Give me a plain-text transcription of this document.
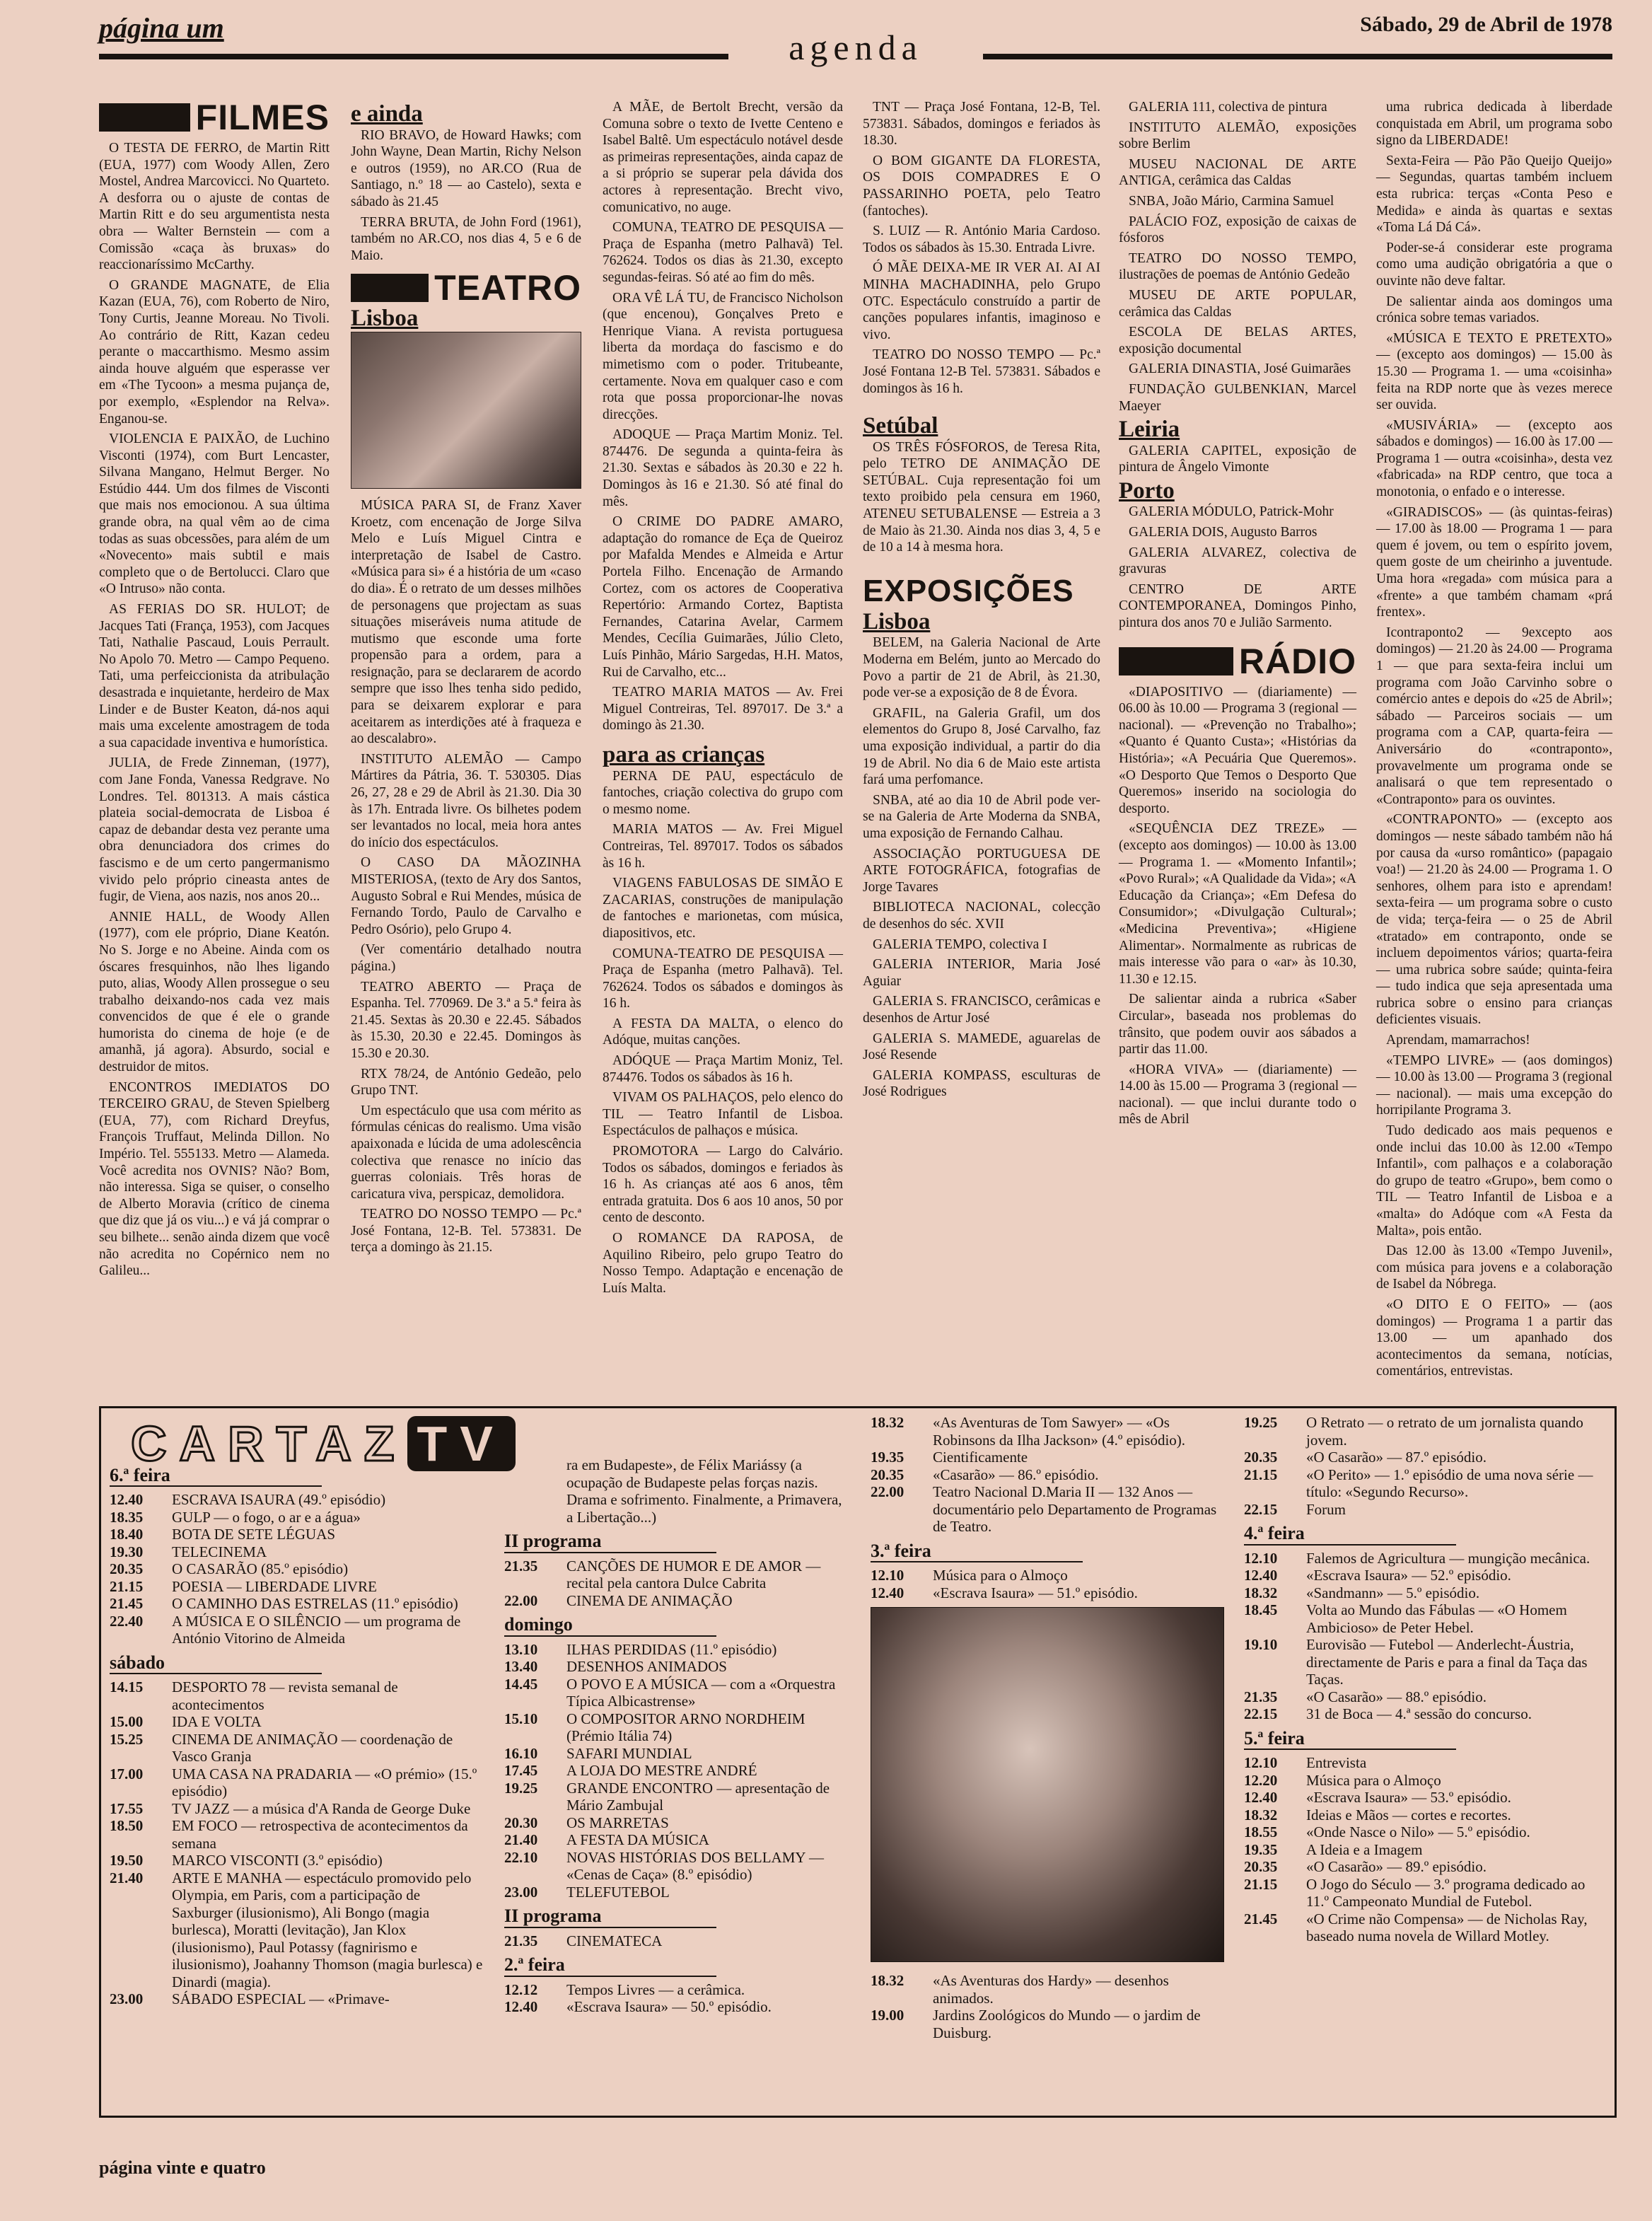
página um	agenda
Sábado, 29 de Abril de 1978
FILMES

O TESTA DE FERRO, de Martin Ritt (EUA, 1977) com Woody Allen, Zero Mostel, Andrea Marcovicci. No Quarteto. A desforra ou o ajuste de contas de Martin Ritt e do seu argumentista nesta obra — Walter Bernstein — com a Comissão «caça às bruxas» do reaccionaríssimo McCarthy.

O GRANDE MAGNATE, de Elia Kazan (EUA, 76), com Roberto de Niro, Tony Curtis, Jeanne Moreau. No Tivoli. Ao contrário de Ritt, Kazan cedeu perante o maccarthismo. Mesmo assim ainda houve alguém que esperasse ver em «The Tycoon» a mesma pujança de, por exemplo, «Esplendor na Relva». Enganou-se.

VIOLENCIA E PAIXÃO, de Luchino Visconti (1974), com Burt Lencaster, Silvana Mangano, Helmut Berger. No Estúdio 444. Um dos filmes de Visconti que mais nos emocionou. A sua última grande obra, na qual vêm ao de cima todas as suas obcessões, para além de um «Novecento» mais subtil e mais completo que o de Bertolucci. Claro que «O Intruso» não conta.

AS FERIAS DO SR. HULOT; de Jacques Tati (França, 1953), com Jacques Tati, Nathalie Pascaud, Louis Perrault. No Apolo 70. Metro — Campo Pequeno. Tati, uma perfeiccionista da atribulação desastrada e inquietante, herdeiro de Max Linder e de Buster Keaton, dá-nos aqui mais uma excelente amostragem de toda a sua capacidade inventiva e humorística.

JULIA, de Frede Zinneman, (1977), com Jane Fonda, Vanessa Redgrave. No Londres. Tel. 801313. A mais cástica plateia social-democrata de Lisboa é capaz de debandar desta vez perante uma obra denunciadora dos crimes do fascismo e de um certo pangermanismo vivido pelo próprio cineasta antes de fugir, de Viena, aos nazis, nos anos 20...

ANNIE HALL, de Woody Allen (1977), com ele próprio, Diane Keatón. No S. Jorge e no Abeine. Ainda com os óscares fresquinhos, não lhes ligando puto, alias, Woody Allen prossegue o seu trabalho deixando-nos cada vez mais convencidos de que é ele o grande humorista do cinema de hoje (e de amanhã, já agora). Absurdo, social e destruidor de mitos.

ENCONTROS IMEDIATOS DO TERCEIRO GRAU, de Steven Spielberg (EUA, 77), com Richard Dreyfus, François Truffaut, Melinda Dillon. No Império. Tel. 555133. Metro — Alameda. Você acredita nos OVNIS? Não? Bom, não interessa. Siga se quiser, o conselho de Alberto Moravia (crítico de cinema que diz que já os viu...) e vá já comprar o seu bilhete... senão ainda dizem que você não acredita no Copérnico nem no Galileu...

e ainda

RIO BRAVO, de Howard Hawks; com John Wayne, Dean Martin, Richy Nelson e outros (1959), no AR.CO (Rua de Santiago, n.º 18 — ao Castelo), sexta e sábado às 21.45

TERRA BRUTA, de John Ford (1961), também no AR.CO, nos dias 4, 5 e 6 de Maio.

TEATRO
Lisboa

MÚSICA PARA SI, de Franz Xaver Kroetz, com encenação de Jorge Silva Melo e Luís Miguel Cintra e interpretação de Isabel de Castro. «Música para si» é a história de um «caso do dia». É o retrato de um desses milhões de personagens que projectam as suas situações miseráveis numa atitude de mutismo que esconde uma forte propensão para a ordem, para a resignação, para se declararem de acordo sempre que isso lhes tenha sido pedido, para se deixarem explorar e para aceitarem as interdições até à fraqueza e ao descalabro».

INSTITUTO ALEMÃO — Campo Mártires da Pátria, 36. T. 530305. Dias 26, 27, 28 e 29 de Abril às 21.30. Dia 30 às 17h. Entrada livre. Os bilhetes podem ser levantados no local, meia hora antes do início dos espectáculos.

O CASO DA MÃOZINHA MISTERIOSA, (texto de Ary dos Santos, Augusto Sobral e Rui Mendes, música de Fernando Tordo, Paulo de Carvalho e Pedro Osório), pelo Grupo 4.

(Ver comentário detalhado noutra página.)

TEATRO ABERTO — Praça de Espanha. Tel. 770969. De 3.ª a 5.ª feira às 21.45. Sextas às 20.30 e 22.45. Sábados às 15.30, 20.30 e 22.45. Domingos às 15.30 e 20.30.

RTX 78/24, de António Gedeão, pelo Grupo TNT.

Um espectáculo que usa com mérito as fórmulas cénicas do realismo. Uma visão apaixonada e lúcida de uma adolescência colectiva que renasce no início das guerras coloniais. Três horas de caricatura viva, perspicaz, demolidora.

TEATRO DO NOSSO TEMPO — Pc.ª José Fontana, 12-B. Tel. 573831. De terça a domingo às 21.15.

A MÃE, de Bertolt Brecht, versão da Comuna sobre o texto de Ivette Centeno e Isabel Baltê. Um espectáculo notável desde as primeiras representações, ainda capaz de a si próprio se superar pela dávida dos actores à representação. Brecht vivo, comunicativo, no auge.

COMUNA, TEATRO DE PESQUISA — Praça de Espanha (metro Palhavã) Tel. 762624. Todos os dias às 21.30, excepto segundas-feiras. Só até ao fim do mês.

ORA VÊ LÁ TU, de Francisco Nicholson (que encenou), Gonçalves Preto e Henrique Viana. A revista portuguesa liberta da mordaça do fascismo e do mimetismo com o poder. Tritubeante, certamente. Nova em qualquer caso e com rota que possa proporcionar-lhe novas direcções.

ADOQUE — Praça Martim Moniz. Tel. 874476. De segunda a quinta-feira às 21.30. Sextas e sábados às 20.30 e 22 h. Domingos às 16 e 21.30. Só até final do mês.

O CRIME DO PADRE AMARO, adaptação do romance de Eça de Queiroz por Mafalda Mendes e Almeida e Artur Portela Filho. Encenação de Armando Cortez, com os actores de Cooperativa Repertório: Armando Cortez, Baptista Fernandes, Catarina Avelar, Carmem Mendes, Cecília Guimarães, Júlio Cleto, Luís Pinhão, Mário Sargedas, H.H. Matos, Rui de Carvalho, etc...

TEATRO MARIA MATOS — Av. Frei Miguel Contreiras, Tel. 897017. De 3.ª a domingo às 21.30.

para as crianças

PERNA DE PAU, espectáculo de fantoches, criação colectiva do grupo com o mesmo nome.

MARIA MATOS — Av. Frei Miguel Contreiras, Tel. 897017. Todos os sábados às 16 h.

VIAGENS FABULOSAS DE SIMÃO E ZACARIAS, construções de manipulação de fantoches e marionetas, com música, diapositivos, etc.

COMUNA-TEATRO DE PESQUISA — Praça de Espanha (metro Palhavã). Tel. 762624. Todos os sábados e domingos às 16 h.

A FESTA DA MALTA, o elenco do Adóque, muitas canções.

ADÓQUE — Praça Martim Moniz, Tel. 874476. Todos os sábados às 16 h.

VIVAM OS PALHAÇOS, pelo elenco do TIL — Teatro Infantil de Lisboa. Espectáculos de palhaços e música.

PROMOTORA — Largo do Calvário. Todos os sábados, domingos e feriados às 16 h. As crianças até aos 6 anos, têm entrada gratuita. Dos 6 aos 10 anos, 50 por cento de desconto.

O ROMANCE DA RAPOSA, de Aquilino Ribeiro, pelo grupo Teatro do Nosso Tempo. Adaptação e encenação de Luís Malta.

TNT — Praça José Fontana, 12-B, Tel. 573831. Sábados, domingos e feriados às 18.30.

O BOM GIGANTE DA FLORESTA, OS DOIS COMPADRES E O PASSARINHO POETA, pelo Teatro (fantoches).

S. LUIZ — R. António Maria Cardoso. Todos os sábados às 15.30. Entrada Livre.

Ó MÃE DEIXA-ME IR VER AI. AI AI MINHA MACHADINHA, pelo Grupo OTC. Espectáculo construído a partir de canções populares infantis, imaginoso e vivo.

TEATRO DO NOSSO TEMPO — Pc.ª José Fontana 12-B Tel. 573831. Sábados e domingos às 16 h.

Setúbal

OS TRÊS FÓSFOROS, de Teresa Rita, pelo TETRO DE ANIMAÇÃO DE SETÚBAL. Cuja representação foi um texto proibido pela censura em 1960, ATENEU SETUBALENSE — Estreia a 3 de Maio às 21.30. Ainda nos dias 3, 4, 5 e de 10 a 14 à mesma hora.

EXPOSIÇÕES
Lisboa

BELEM, na Galeria Nacional de Arte Moderna em Belém, junto ao Mercado do Povo a partir de 21 de Abril, às 21.30, pode ver-se a exposição de 8 de Évora.

GRAFIL, na Galeria Grafil, um dos elementos do Grupo 8, José Carvalho, faz uma exposição individual, a partir do dia 19 de Abril. No dia 6 de Maio este artista fará uma perfomance.

SNBA, até ao dia 10 de Abril pode ver-se na Galeria de Arte Moderna da SNBA, uma exposição de Fernando Calhau.

ASSOCIAÇÃO PORTUGUESA DE ARTE FOTOGRÁFICA, fotografias de Jorge Tavares

BIBLIOTECA NACIONAL, colecção de desenhos do séc. XVII

GALERIA TEMPO, colectiva I

GALERIA INTERIOR, Maria José Aguiar

GALERIA S. FRANCISCO, cerâmicas e desenhos de Artur José

GALERIA S. MAMEDE, aguarelas de José Resende

GALERIA KOMPASS, esculturas de José Rodrigues

GALERIA 111, colectiva de pintura

INSTITUTO ALEMÃO, exposições sobre Berlim

MUSEU NACIONAL DE ARTE ANTIGA, cerâmica das Caldas

SNBA, João Mário, Carmina Samuel

PALÁCIO FOZ, exposição de caixas de fósforos

TEATRO DO NOSSO TEMPO, ilustrações de poemas de António Gedeão

MUSEU DE ARTE POPULAR, cerâmica das Caldas

ESCOLA DE BELAS ARTES, exposição documental

GALERIA DINASTIA, José Guimarães

FUNDAÇÃO GULBENKIAN, Marcel Maeyer

Leiria

GALERIA CAPITEL, exposição de pintura de Ângelo Vimonte

Porto

GALERIA MÓDULO, Patrick-Mohr

GALERIA DOIS, Augusto Barros

GALERIA ALVAREZ, colectiva de gravuras

CENTRO DE ARTE CONTEMPORANEA, Domingos Pinho, pintura dos anos 70 e Julião Sarmento.

RÁDIO

«DIAPOSITIVO — (diariamente) — 06.00 às 10.00 — Programa 3 (regional — nacional). — «Prevenção no Trabalho»; «Quanto é Quanto Custa»; «Histórias da História»; «A Pecuária Que Queremos». «O Desporto Que Temos o Desporto Que Queremos» inserido na sociologia do desporto.

«SEQUÊNCIA DEZ TREZE» — (excepto aos domingos) — 10.00 às 13.00 — Programa 1. — «Momento Infantil»; «Povo Rural»; «A Qualidade da Vida»; «A Educação da Criança»; «Em Defesa do Consumidor»; «Divulgação Cultural»; «Medicina Preventiva»; «Higiene Alimentar». Normalmente as rubricas de mais interesse vão para o «ar» às 10.30, 11.30 e 12.15.

De salientar ainda a rubrica «Saber Circular», baseada nos problemas do trânsito, que podem ouvir aos sábados a partir das 11.00.

«HORA VIVA» — (diariamente) — 14.00 às 15.00 — Programa 3 (regional — nacional). — que inclui durante todo o mês de Abril

uma rubrica dedicada à liberdade conquistada em Abril, um programa sobo signo da LIBERDADE!

Sexta-Feira — Pão Pão Queijo Queijo» — Segundas, quartas também incluem esta rubrica: terças «Conta Peso e Medida» e ainda às quartas e sextas «Toma Lá Dá Cá».

Poder-se-á considerar este programa como uma audição obrigatória a que o ouvinte não deve faltar.

De salientar ainda aos domingos uma crónica sobre temas variados.

«MÚSICA E TEXTO E PRETEXTO» — (excepto aos domingos) — 15.00 às 15.30 — Programa 1. — uma «coisinha» feita na RDP norte que às vezes merece ser ouvida.

«MUSIVÁRIA» — (excepto aos sábados e domingos) — 16.00 às 17.00 — Programa 1 — outra «coisinha», desta vez «fabricada» na RDP centro, que toca a monotonia, o enfado e o interesse.

«GIRADISCOS» — (às quintas-feiras) — 17.00 às 18.00 — Programa 1 — para quem é jovem, ou tem o espírito jovem, quem goste de um cheirinho a juventude. Uma hora «regada» com música para a «frente» a que também chamam «prá frentex».

Icontraponto2 — 9excepto aos domingos) — 21.20 às 24.00 — Programa 1 — que para sexta-feira inclui um programa com João Carvinho sobre o comércio antes e depois do «25 de Abril»; sábado — Parceiros sociais — um programa com a CAP, quarta-feira — Aniversário do «contraponto», provavelmente um programa onde se analisará o que tem representado o «Contraponto» para os ouvintes.

«CONTRAPONTO» — (excepto aos domingos — neste sábado também não há por causa da «urso romântico» (papagaio voa!) — 21.20 às 24.00 — Programa 1. O senhores, olhem para isto e aprendam! sexta-feira — um programa sobre o custo de vida; terça-feira — o 25 de Abril «tratado» em contraponto, onde se incluem depoimentos vários; quarta-feira — uma rubrica sobre saúde; quinta-feira — tudo indica que seja apresentada uma rubrica sobre o ensino para crianças deficientes visuais.

Aprendam, mamarrachos!

«TEMPO LIVRE» — (aos domingos) — 10.00 às 13.00 — Programa 3 (regional — nacional). — mais uma excepção do horripilante Programa 3.

Tudo dedicado aos mais pequenos e onde inclui das 10.00 às 12.00 «Tempo Infantil», com palhaços e a colaboração do grupo de teatro «Grupo», bem como o TIL — Teatro Infantil de Lisboa e a «malta» do Adóque com «A Festa da Malta», pois então.

Das 12.00 às 13.00 «Tempo Juvenil», com música para jovens e a colaboração de Isabel da Nóbrega.

«O DITO E O FEITO» — (aos domingos) — Programa 1 a partir das 13.00 — um apanhado dos acontecimentos da semana, notícias, comentários, entrevistas.

CARTAZ TV
6.ª feira
12.40	ESCRAVA ISAURA (49.º episódio)
18.35	GULP — o fogo, o ar e a água»
18.40	BOTA DE SETE LÉGUAS
19.30	TELECINEMA
20.35	O CASARÃO (85.º episódio)
21.15	POESIA — LIBERDADE LIVRE
21.45	O CAMINHO DAS ESTRELAS (11.º episódio)
22.40	A MÚSICA E O SILÊNCIO — um programa de António Vitorino de Almeida
sábado
14.15	DESPORTO 78 — revista semanal de acontecimentos
15.00	IDA E VOLTA
15.25	CINEMA DE ANIMAÇÃO — coordenação de Vasco Granja
17.00	UMA CASA NA PRADARIA — «O prémio» (15.º episódio)
17.55	TV JAZZ — a música d'A Randa de George Duke
18.50	EM FOCO — retrospectiva de acontecimentos da semana
19.50	MARCO VISCONTI (3.º episódio)
21.40	ARTE E MANHA — espectáculo promovido pelo Olympia, em Paris, com a participação de Saxburger (ilusionismo), Ali Bongo (magia burlesca), Moratti (levitação), Jan Klox (ilusionismo), Paul Potassy (fagnirismo e ilusionismo), Joahanny Thomson (magia burlesca) e Dinardi (magia).
23.00	SÁBADO ESPECIAL — «Primave-
ra em Budapeste», de Félix Mariássy (a ocupação de Budapeste pelas forças nazis. Drama e sofrimento. Finalmente, a Primavera, a Libertação...)
II programa
21.35	CANÇÕES DE HUMOR E DE AMOR — recital pela cantora Dulce Cabrita
22.00	CINEMA DE ANIMAÇÃO
domingo
13.10	ILHAS PERDIDAS (11.º episódio)
13.40	DESENHOS ANIMADOS
14.45	O POVO E A MÚSICA — com a «Orquestra Típica Albicastrense»
15.10	O COMPOSITOR ARNO NORDHEIM (Prémio Itália 74)
16.10	SAFARI MUNDIAL
17.45	A LOJA DO MESTRE ANDRÉ
19.25	GRANDE ENCONTRO — apresentação de Mário Zambujal
20.30	OS MARRETAS
21.40	A FESTA DA MÚSICA
22.10	NOVAS HISTÓRIAS DOS BELLAMY — «Cenas de Caça» (8.º episódio)
23.00	TELEFUTEBOL
II programa
21.35	CINEMATECA
2.ª feira
12.12	Tempos Livres — a cerâmica.
12.40	«Escrava Isaura» — 50.º episódio.
18.32	«As Aventuras de Tom Sawyer» — «Os Robinsons da Ilha Jackson» (4.º episódio).
19.35	Cientificamente
20.35	«Casarão» — 86.º episódio.
22.00	Teatro Nacional D.Maria II — 132 Anos — documentário pelo Departamento de Programas de Teatro.
3.ª feira
12.10	Música para o Almoço
12.40	«Escrava Isaura» — 51.º episódio.
18.32	«As Aventuras dos Hardy» — desenhos animados.
19.00	Jardins Zoológicos do Mundo — o jardim de Duisburg.
19.25	O Retrato — o retrato de um jornalista quando jovem.
20.35	«O Casarão» — 87.º episódio.
21.15	«O Perito» — 1.º episódio de uma nova série — título: «Segundo Recurso».
22.15	Forum
4.ª feira
12.10	Falemos de Agricultura — mungição mecânica.
12.40	«Escrava Isaura» — 52.º episódio.
18.32	«Sandmann» — 5.º episódio.
18.45	Volta ao Mundo das Fábulas — «O Homem Ambicioso» de Peter Hebel.
19.10	Eurovisão — Futebol — Anderlecht-Áustria, directamente de Paris e para a final da Taça das Taças.
21.35	«O Casarão» — 88.º episódio.
22.15	31 de Boca — 4.ª sessão do concurso.
5.ª feira
12.10	Entrevista
12.20	Música para o Almoço
12.40	«Escrava Isaura» — 53.º episódio.
18.32	Ideias e Mãos — cortes e recortes.
18.55	«Onde Nasce o Nilo» — 5.º episódio.
19.35	A Ideia e a Imagem
20.35	«O Casarão» — 89.º episódio.
21.15	O Jogo do Século — 3.º programa dedicado ao 11.º Campeonato Mundial de Futebol.
21.45	«O Crime não Compensa» — de Nicholas Ray, baseado numa novela de Willard Motley.
página vinte e quatro
